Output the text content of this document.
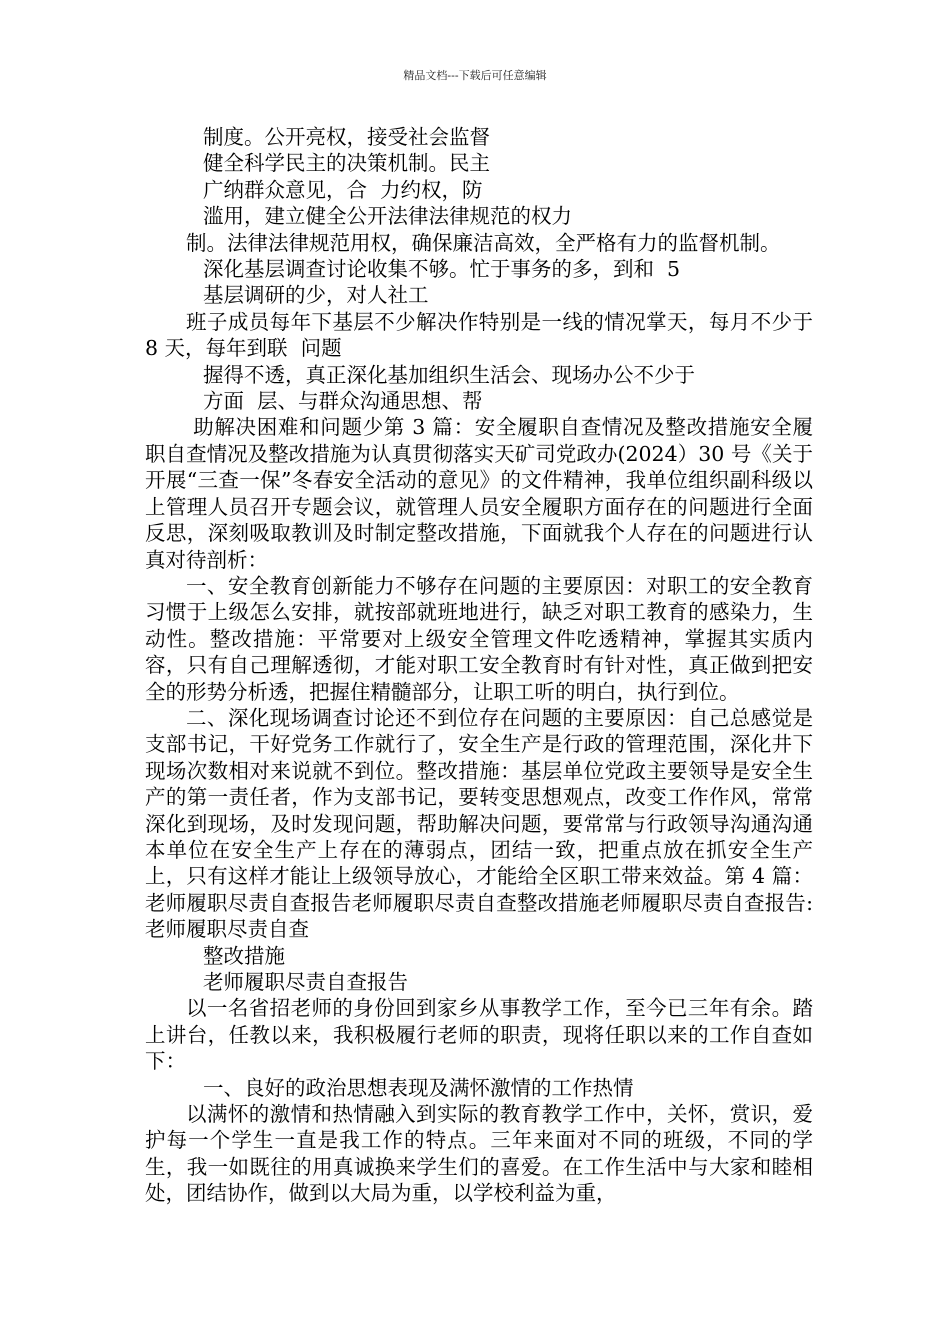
精品文档---下载后可任意编辑

制度。公开亮权，接受社会监督

健全科学民主的决策机制。民主

广纳群众意见，合  力约权，防

滥用，建立健全公开法律法律规范的权力

制。法律法律规范用权，确保廉洁高效，全严格有力的监督机制。

深化基层调查讨论收集不够。忙于事务的多，到和  5

基层调研的少，对人社工

班子成员每年下基层不少解决作特别是一线的情况掌天，每月不少于 8 天，每年到联  问题

握得不透，真正深化基加组织生活会、现场办公不少于

方面  层、与群众沟通思想、帮

助解决困难和问题少第 3 篇：安全履职自查情况及整改措施安全履职自查情况及整改措施为认真贯彻落实天矿司党政办(2024）30 号《关于开展“三查一保”冬春安全活动的意见》的文件精神，我单位组织副科级以上管理人员召开专题会议，就管理人员安全履职方面存在的问题进行全面反思，深刻吸取教训及时制定整改措施，下面就我个人存在的问题进行认真对待剖析：

一、安全教育创新能力不够存在问题的主要原因：对职工的安全教育习惯于上级怎么安排，就按部就班地进行，缺乏对职工教育的感染力，生动性。整改措施：平常要对上级安全管理文件吃透精神，掌握其实质内容，只有自己理解透彻，才能对职工安全教育时有针对性，真正做到把安全的形势分析透，把握住精髓部分，让职工听的明白，执行到位。

二、深化现场调查讨论还不到位存在问题的主要原因：自己总感觉是支部书记，干好党务工作就行了，安全生产是行政的管理范围，深化井下现场次数相对来说就不到位。整改措施：基层单位党政主要领导是安全生产的第一责任者，作为支部书记，要转变思想观点，改变工作作风，常常深化到现场，及时发现问题，帮助解决问题，要常常与行政领导沟通沟通本单位在安全生产上存在的薄弱点，团结一致，把重点放在抓安全生产上，只有这样才能让上级领导放心，才能给全区职工带来效益。第 4 篇：老师履职尽责自查报告老师履职尽责自查整改措施老师履职尽责自查报告:老师履职尽责自查

整改措施

老师履职尽责自查报告

以一名省招老师的身份回到家乡从事教学工作，至今已三年有余。踏上讲台，任教以来，我积极履行老师的职责，现将任职以来的工作自查如下：

一、良好的政治思想表现及满怀激情的工作热情

以满怀的激情和热情融入到实际的教育教学工作中，关怀，赏识，爱护每一个学生一直是我工作的特点。三年来面对不同的班级，不同的学生，我一如既往的用真诚换来学生们的喜爱。在工作生活中与大家和睦相处，团结协作，做到以大局为重，以学校利益为重，
